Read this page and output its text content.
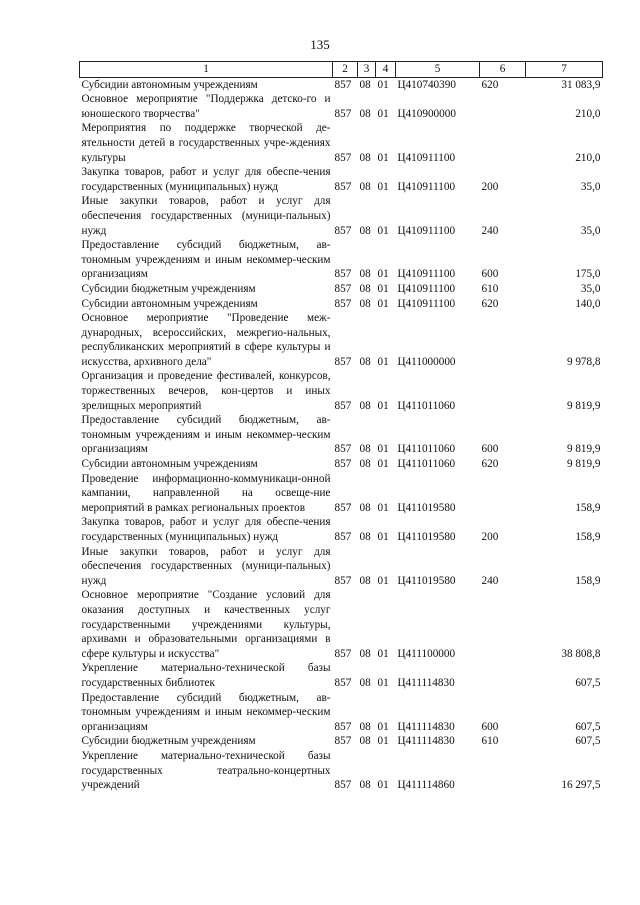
135
1	2	3	4	5	6	7
Субсидии автономным учреждениям	857	08	01	Ц410740390	620	31 083,9
Основное мероприятие "Поддержка детско-го и юношеского творчества"	857	08	01	Ц410900000		210,0
Мероприятия по поддержке творческой де-ятельности детей в государственных учре-ждениях культуры	857	08	01	Ц410911100		210,0
Закупка товаров, работ и услуг для обеспе-чения государственных (муниципальных) нужд	857	08	01	Ц410911100	200	35,0
Иные закупки товаров, работ и услуг для обеспечения государственных (муници-пальных) нужд	857	08	01	Ц410911100	240	35,0
Предоставление субсидий бюджетным, ав-тономным учреждениям и иным некоммер-ческим организациям	857	08	01	Ц410911100	600	175,0
Субсидии бюджетным учреждениям	857	08	01	Ц410911100	610	35,0
Субсидии автономным учреждениям	857	08	01	Ц410911100	620	140,0
Основное мероприятие "Проведение меж-дународных, всероссийских, межрегио-нальных, республиканских мероприятий в сфере культуры и искусства, архивного дела"	857	08	01	Ц411000000		9 978,8
Организация и проведение фестивалей, конкурсов, торжественных вечеров, кон-цертов и иных зрелищных мероприятий	857	08	01	Ц411011060		9 819,9
Предоставление субсидий бюджетным, ав-тономным учреждениям и иным некоммер-ческим организациям	857	08	01	Ц411011060	600	9 819,9
Субсидии автономным учреждениям	857	08	01	Ц411011060	620	9 819,9
Проведение информационно-коммуникаци-онной кампании, направленной на освеще-ние мероприятий в рамках региональных проектов	857	08	01	Ц411019580		158,9
Закупка товаров, работ и услуг для обеспе-чения государственных (муниципальных) нужд	857	08	01	Ц411019580	200	158,9
Иные закупки товаров, работ и услуг для обеспечения государственных (муници-пальных) нужд	857	08	01	Ц411019580	240	158,9
Основное мероприятие "Создание условий для оказания доступных и качественных услуг государственными учреждениями культуры, архивами и образовательными организациями в сфере культуры и искусства"	857	08	01	Ц411100000		38 808,8
Укрепление материально-технической базы государственных библиотек	857	08	01	Ц411114830		607,5
Предоставление субсидий бюджетным, ав-тономным учреждениям и иным некоммер-ческим организациям	857	08	01	Ц411114830	600	607,5
Субсидии бюджетным учреждениям	857	08	01	Ц411114830	610	607,5
Укрепление материально-технической базы государственных театрально-концертных учреждений	857	08	01	Ц411114860		16 297,5
